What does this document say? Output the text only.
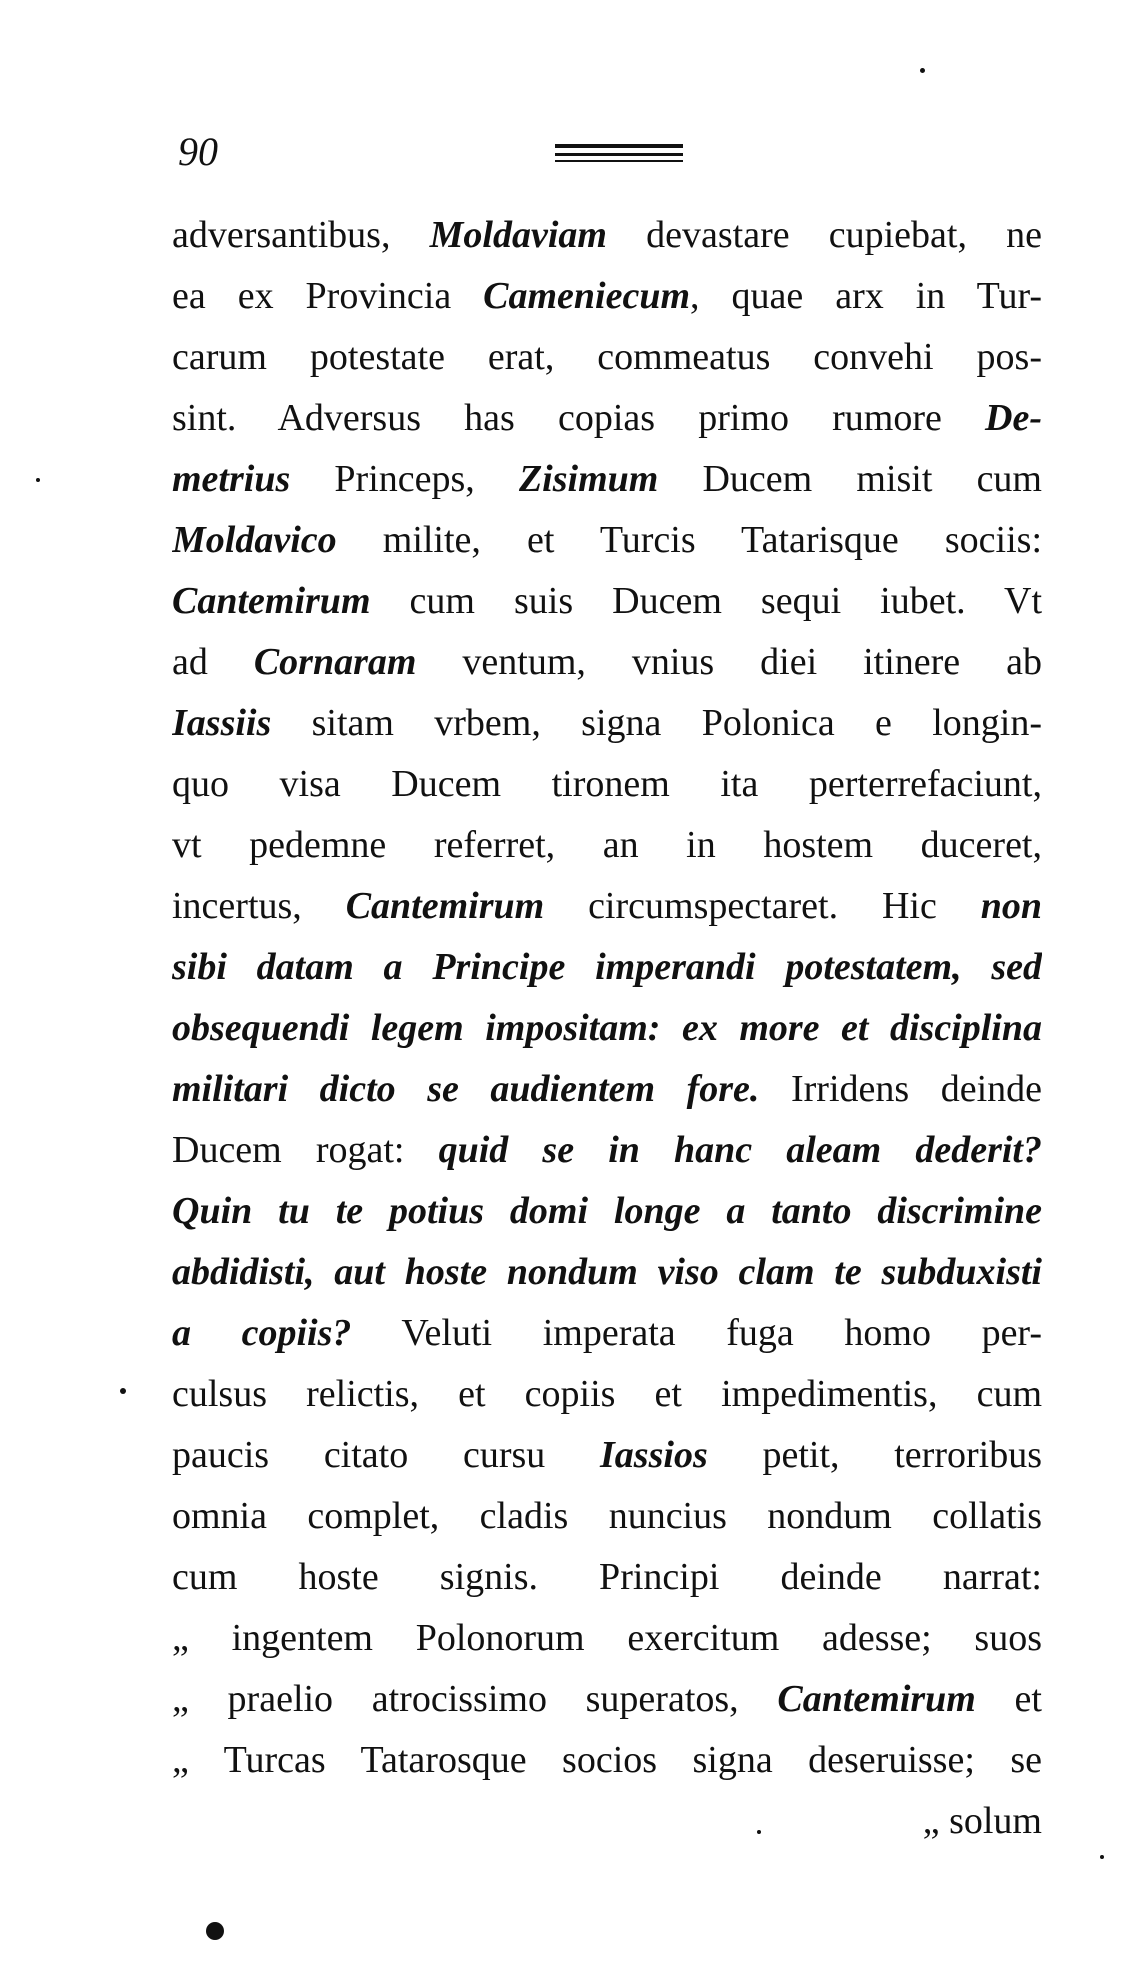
90
adversantibus, Moldaviam devastare cupiebat, ne
ea ex Provincia Cameniecum, quae arx in Tur-
carum potestate erat, commeatus convehi pos-
sint. Adversus has copias primo rumore De-
metrius Princeps, Zisimum Ducem misit cum
Moldavico milite, et Turcis Tatarisque sociis:
Cantemirum cum suis Ducem sequi iubet. Vt
ad Cornaram ventum, vnius diei itinere ab
Iassiis sitam vrbem, signa Polonica e longin-
quo visa Ducem tironem ita perterrefaciunt,
vt pedemne referret, an in hostem duceret,
incertus, Cantemirum circumspectaret. Hic non
sibi datam a Principe imperandi potestatem, sed
obsequendi legem impositam: ex more et disciplina
militari dicto se audientem fore. Irridens deinde
Ducem rogat: quid se in hanc aleam dederit?
Quin tu te potius domi longe a tanto discrimine
abdidisti, aut hoste nondum viso clam te subduxisti
a copiis? Veluti imperata fuga homo per-
culsus relictis, et copiis et impedimentis, cum
paucis citato cursu Iassios petit, terroribus
omnia complet, cladis nuncius nondum collatis
cum hoste signis. Principi deinde narrat:
„ ingentem Polonorum exercitum adesse; suos
„ praelio atrocissimo superatos, Cantemirum et
„ Turcas Tatarosque socios signa deseruisse; se
„ solum
